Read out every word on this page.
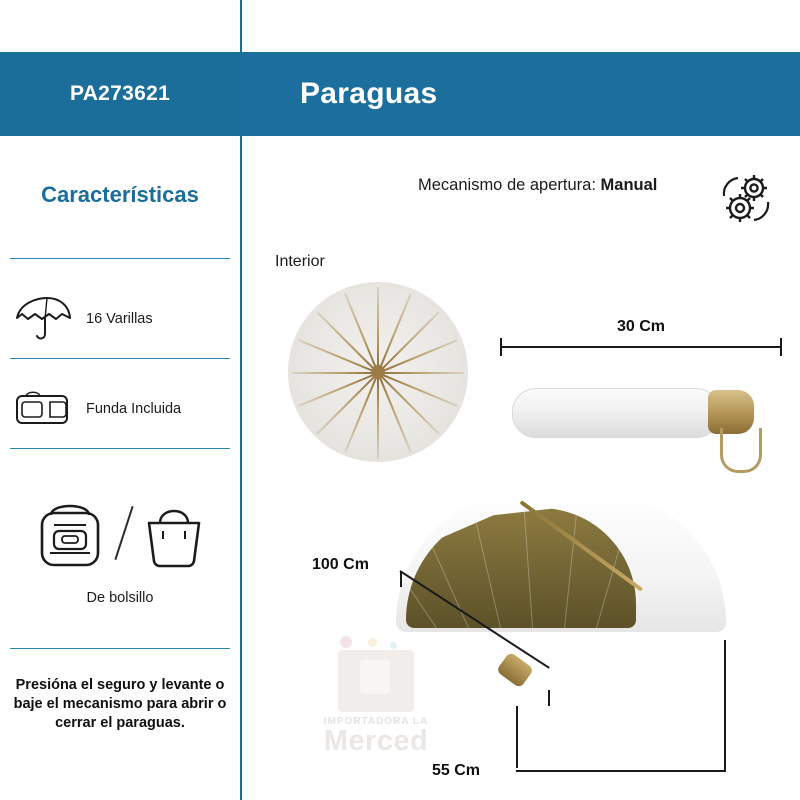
PA273621
Características
16 Varillas
Funda Incluida
De bolsillo
Presióna el seguro y levante o baje el mecanismo para abrir o cerrar el paraguas.
Paraguas
Mecanismo de apertura: Manual
Interior
30 Cm
100 Cm
55 Cm
IMPORTADORA LA
Merced
